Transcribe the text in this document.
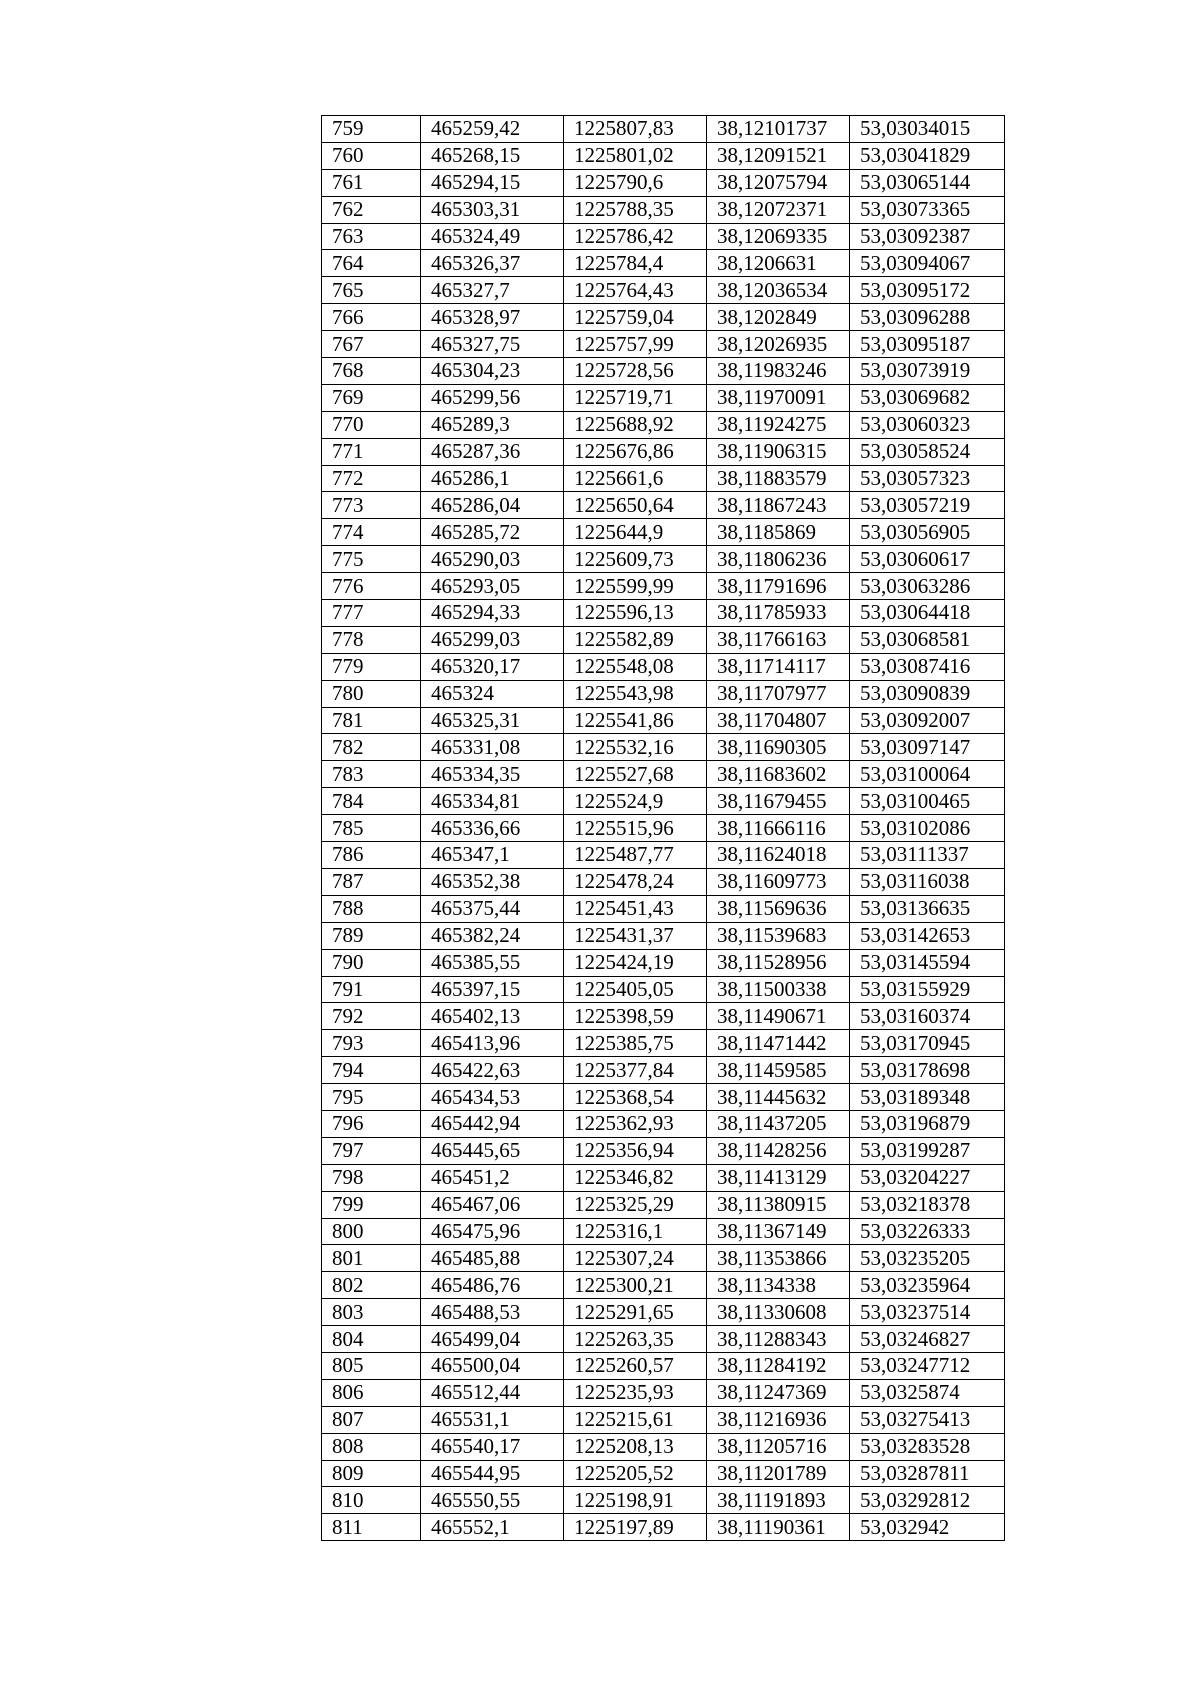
759	465259,42	1225807,83	38,12101737	53,03034015
760	465268,15	1225801,02	38,12091521	53,03041829
761	465294,15	1225790,6	38,12075794	53,03065144
762	465303,31	1225788,35	38,12072371	53,03073365
763	465324,49	1225786,42	38,12069335	53,03092387
764	465326,37	1225784,4	38,1206631	53,03094067
765	465327,7	1225764,43	38,12036534	53,03095172
766	465328,97	1225759,04	38,1202849	53,03096288
767	465327,75	1225757,99	38,12026935	53,03095187
768	465304,23	1225728,56	38,11983246	53,03073919
769	465299,56	1225719,71	38,11970091	53,03069682
770	465289,3	1225688,92	38,11924275	53,03060323
771	465287,36	1225676,86	38,11906315	53,03058524
772	465286,1	1225661,6	38,11883579	53,03057323
773	465286,04	1225650,64	38,11867243	53,03057219
774	465285,72	1225644,9	38,1185869	53,03056905
775	465290,03	1225609,73	38,11806236	53,03060617
776	465293,05	1225599,99	38,11791696	53,03063286
777	465294,33	1225596,13	38,11785933	53,03064418
778	465299,03	1225582,89	38,11766163	53,03068581
779	465320,17	1225548,08	38,11714117	53,03087416
780	465324	1225543,98	38,11707977	53,03090839
781	465325,31	1225541,86	38,11704807	53,03092007
782	465331,08	1225532,16	38,11690305	53,03097147
783	465334,35	1225527,68	38,11683602	53,03100064
784	465334,81	1225524,9	38,11679455	53,03100465
785	465336,66	1225515,96	38,11666116	53,03102086
786	465347,1	1225487,77	38,11624018	53,03111337
787	465352,38	1225478,24	38,11609773	53,03116038
788	465375,44	1225451,43	38,11569636	53,03136635
789	465382,24	1225431,37	38,11539683	53,03142653
790	465385,55	1225424,19	38,11528956	53,03145594
791	465397,15	1225405,05	38,11500338	53,03155929
792	465402,13	1225398,59	38,11490671	53,03160374
793	465413,96	1225385,75	38,11471442	53,03170945
794	465422,63	1225377,84	38,11459585	53,03178698
795	465434,53	1225368,54	38,11445632	53,03189348
796	465442,94	1225362,93	38,11437205	53,03196879
797	465445,65	1225356,94	38,11428256	53,03199287
798	465451,2	1225346,82	38,11413129	53,03204227
799	465467,06	1225325,29	38,11380915	53,03218378
800	465475,96	1225316,1	38,11367149	53,03226333
801	465485,88	1225307,24	38,11353866	53,03235205
802	465486,76	1225300,21	38,1134338	53,03235964
803	465488,53	1225291,65	38,11330608	53,03237514
804	465499,04	1225263,35	38,11288343	53,03246827
805	465500,04	1225260,57	38,11284192	53,03247712
806	465512,44	1225235,93	38,11247369	53,0325874
807	465531,1	1225215,61	38,11216936	53,03275413
808	465540,17	1225208,13	38,11205716	53,03283528
809	465544,95	1225205,52	38,11201789	53,03287811
810	465550,55	1225198,91	38,11191893	53,03292812
811	465552,1	1225197,89	38,11190361	53,032942
